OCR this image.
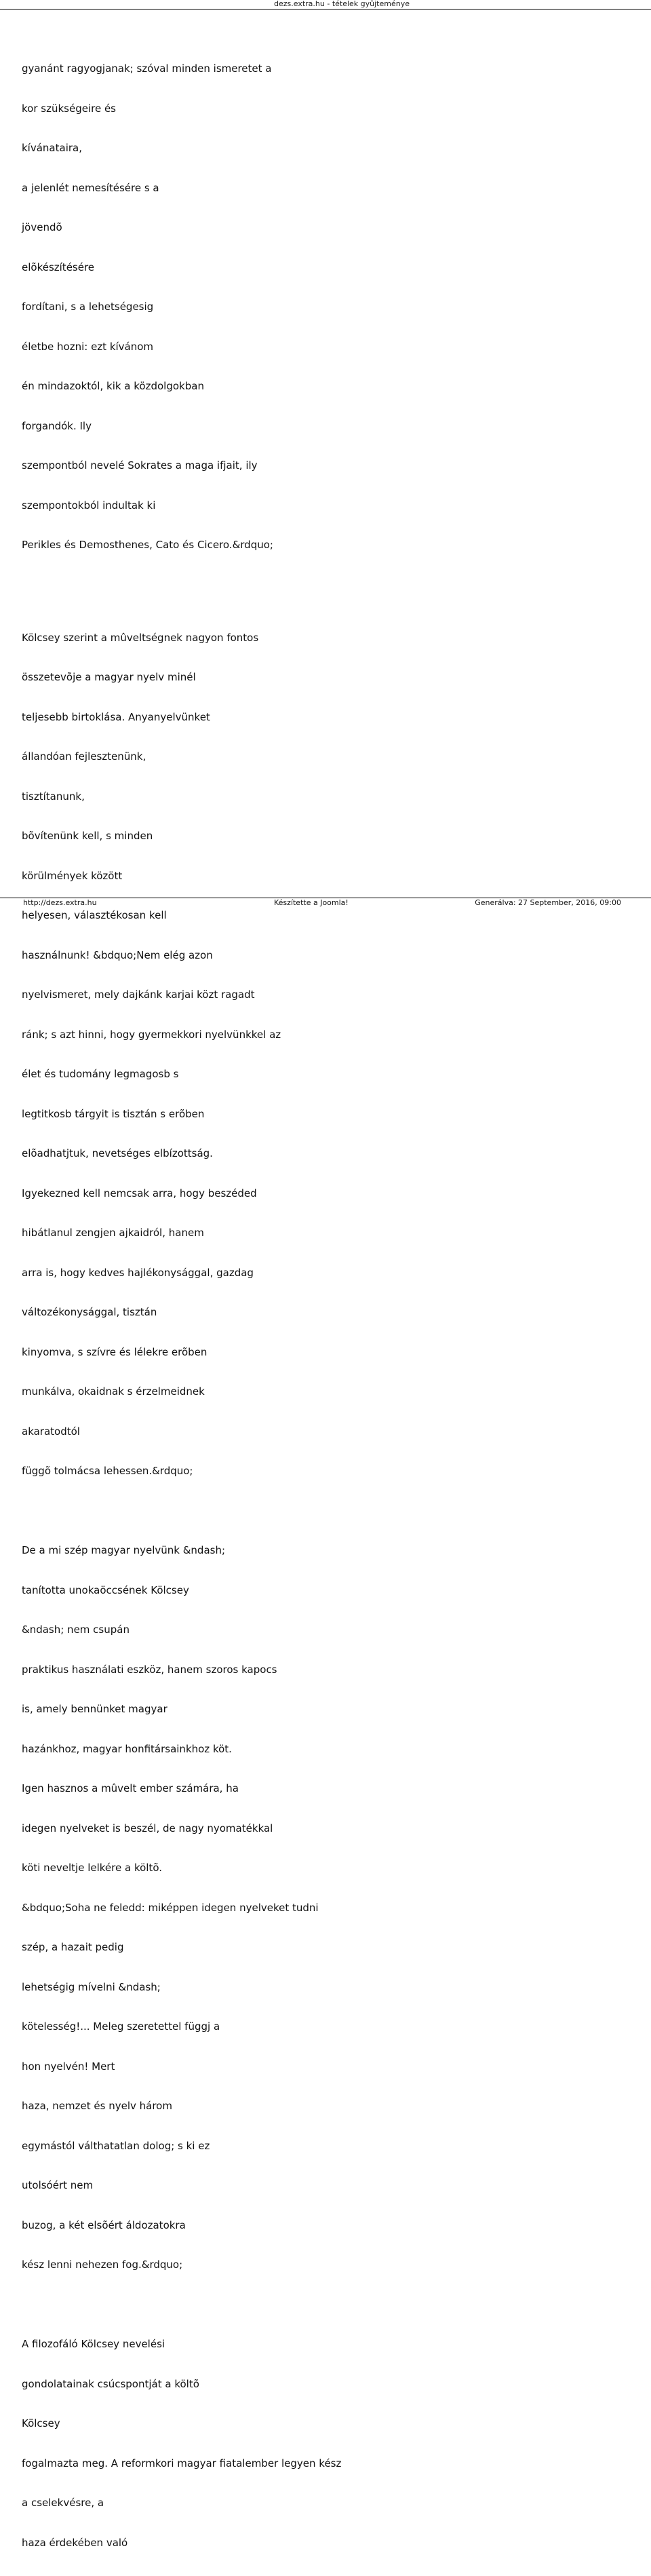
dezs.extra.hu - tételek gyûjteménye

gyanánt ragyogjanak; szóval minden ismeretet a

kor szükségeire és

kívánataira,

a jelenlét nemesítésére s a

jövendõ

elõkészítésére

fordítani, s a lehetségesig

életbe hozni: ezt kívánom

én mindazoktól, kik a közdolgokban

forgandók. Ily

szempontból nevelé Sokrates a maga ifjait, ily

szempontokból indultak ki

Perikles és Demosthenes, Cato és Cicero.&rdquo;

Kölcsey szerint a mûveltségnek nagyon fontos

összetevõje a magyar nyelv minél

teljesebb birtoklása. Anyanyelvünket

állandóan fejlesztenünk,

tisztítanunk,

bõvítenünk kell, s minden

körülmények között

helyesen, választékosan kell

használnunk! &bdquo;Nem elég azon

nyelvismeret, mely dajkánk karjai közt ragadt

ránk; s azt hinni, hogy gyermekkori nyelvünkkel az

élet és tudomány legmagosb s

legtitkosb tárgyit is tisztán s erõben

elõadhatjtuk, nevetséges elbízottság.

Igyekezned kell nemcsak arra, hogy beszéded

hibátlanul zengjen ajkaidról, hanem

arra is, hogy kedves hajlékonysággal, gazdag

változékonysággal, tisztán

kinyomva, s szívre és lélekre erõben

munkálva, okaidnak s érzelmeidnek

akaratodtól

függõ tolmácsa lehessen.&rdquo;

De a mi szép magyar nyelvünk &ndash;

tanította unokaöccsének Kölcsey

&ndash; nem csupán

praktikus használati eszköz, hanem szoros kapocs

is, amely bennünket magyar

hazánkhoz, magyar honfitársainkhoz köt.

Igen hasznos a mûvelt ember számára, ha

idegen nyelveket is beszél, de nagy nyomatékkal

köti neveltje lelkére a költõ.

&bdquo;Soha ne feledd: miképpen idegen nyelveket tudni

szép, a hazait pedig

lehetségig mívelni &ndash;

kötelesség!... Meleg szeretettel függj a

hon nyelvén! Mert

haza, nemzet és nyelv három

egymástól válthatatlan dolog; s ki ez

utolsóért nem

buzog, a két elsõért áldozatokra

kész lenni nehezen fog.&rdquo;

A filozofáló Kölcsey nevelési

gondolatainak csúcspontját a költõ

Kölcsey

fogalmazta meg. A reformkori magyar fiatalember legyen kész

a cselekvésre, a

haza érdekében való

http://dezs.extra.hu	Készítette a Joomla!	Generálva: 27 September, 2016, 09:00
